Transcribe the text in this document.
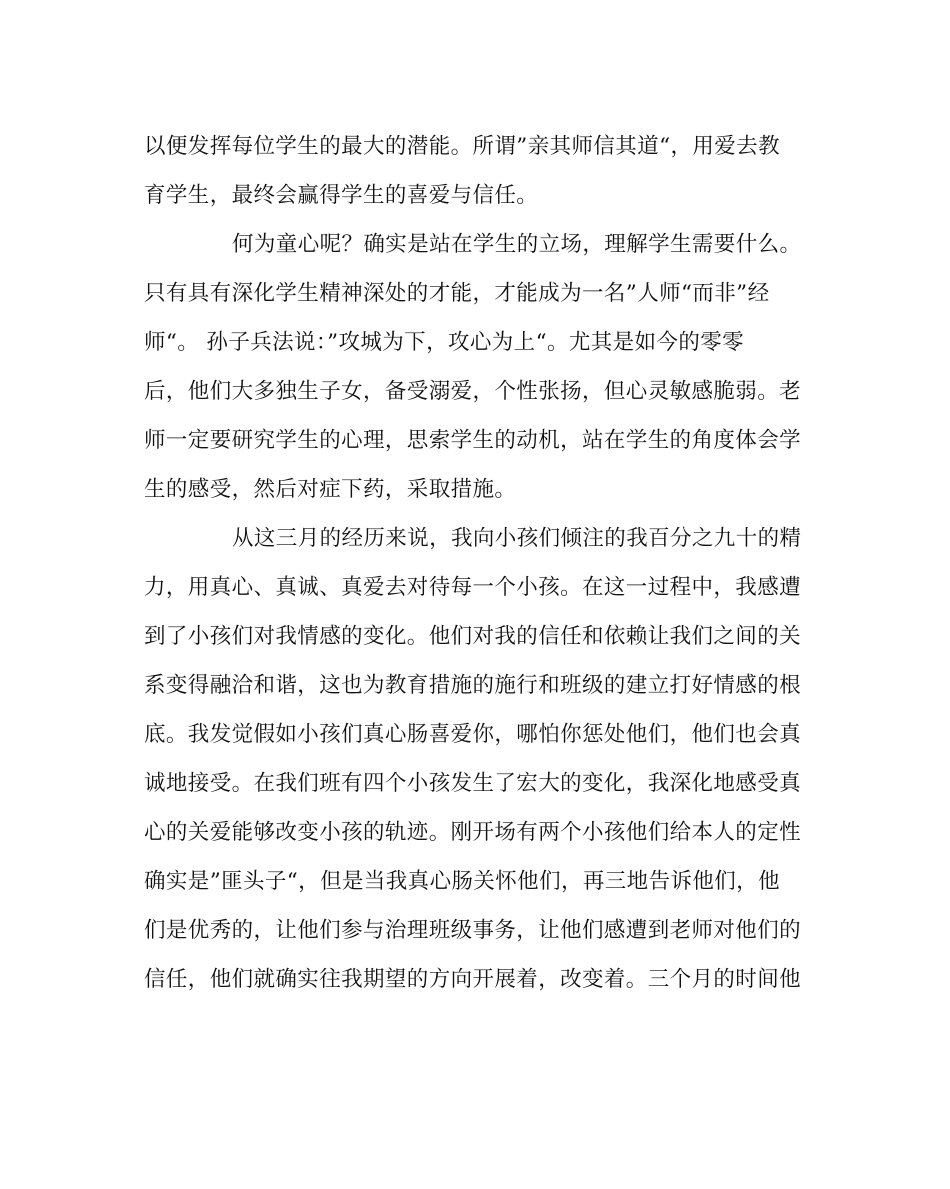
以便发挥每位学生的最大的潜能。所谓”亲其师信其道“，用爱去教
育学生，最终会赢得学生的喜爱与信任。
何为童心呢？确实是站在学生的立场，理解学生需要什么。
只有具有深化学生精神深处的才能，才能成为一名”人师“而非”经
师“。 孙子兵法说：”攻城为下，攻心为上“。尤其是如今的零零
后，他们大多独生子女，备受溺爱，个性张扬，但心灵敏感脆弱。老
师一定要研究学生的心理，思索学生的动机，站在学生的角度体会学
生的感受，然后对症下药，采取措施。
从这三月的经历来说，我向小孩们倾注的我百分之九十的精
力，用真心、真诚、真爱去对待每一个小孩。在这一过程中，我感遭
到了小孩们对我情感的变化。他们对我的信任和依赖让我们之间的关
系变得融洽和谐，这也为教育措施的施行和班级的建立打好情感的根
底。我发觉假如小孩们真心肠喜爱你，哪怕你惩处他们，他们也会真
诚地接受。在我们班有四个小孩发生了宏大的变化，我深化地感受真
心的关爱能够改变小孩的轨迹。刚开场有两个小孩他们给本人的定性
确实是”匪头子“，但是当我真心肠关怀他们，再三地告诉他们，他
们是优秀的，让他们参与治理班级事务，让他们感遭到老师对他们的
信任，他们就确实往我期望的方向开展着，改变着。三个月的时间他
